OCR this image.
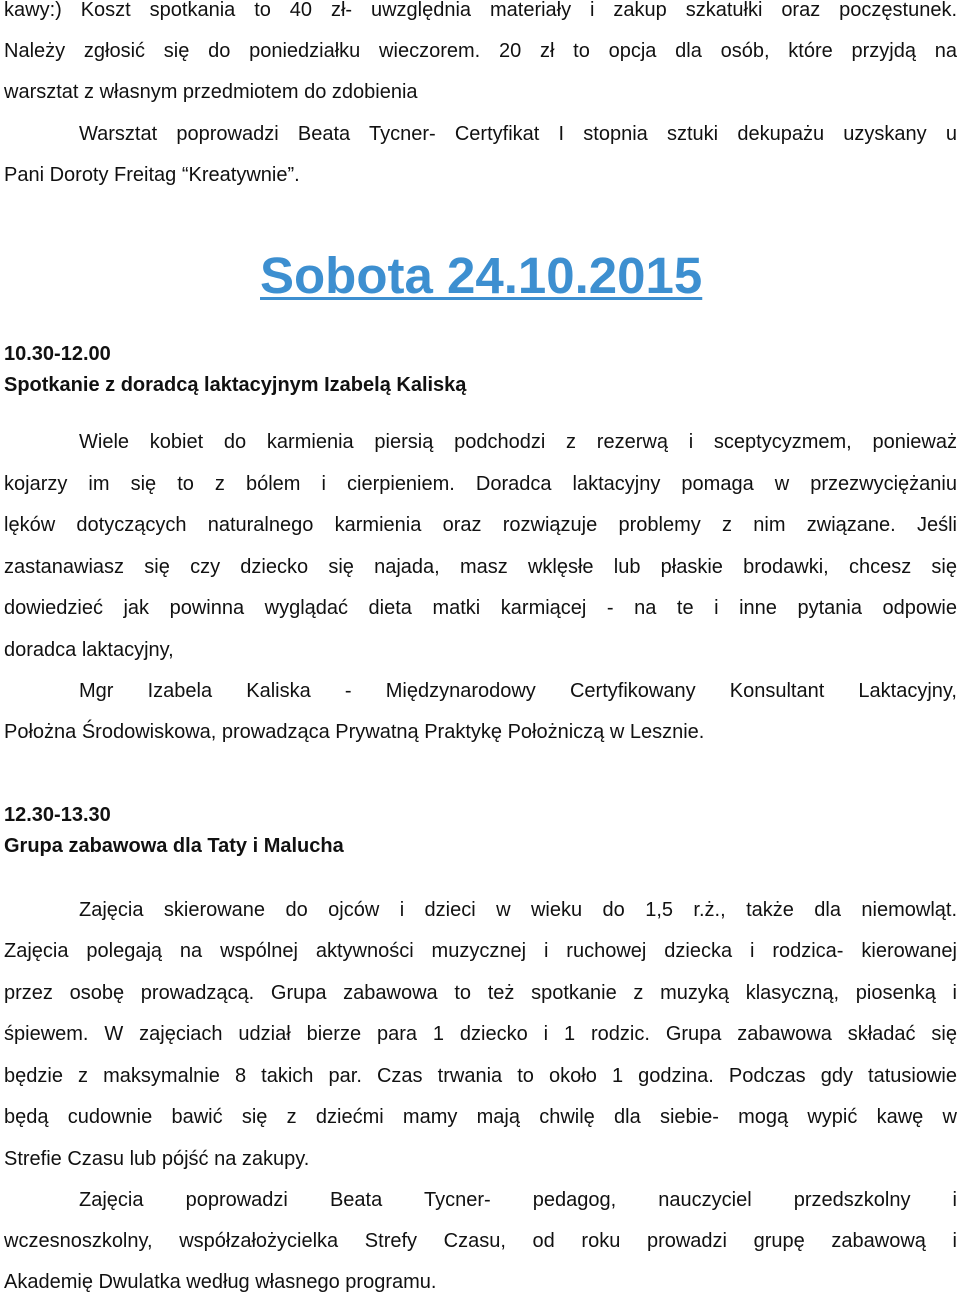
kawy:) Koszt spotkania to 40 zł- uwzględnia materiały i zakup szkatułki oraz poczęstunek.
Należy zgłosić się do poniedziałku wieczorem. 20 zł to opcja dla osób, które przyjdą na
warsztat z własnym przedmiotem do zdobienia
Warsztat poprowadzi Beata Tycner- Certyfikat I stopnia sztuki dekupażu uzyskany u
Pani Doroty Freitag “Kreatywnie”.
Sobota 24.10.2015
10.30-12.00
Spotkanie z doradcą laktacyjnym Izabelą Kaliską
Wiele kobiet do karmienia piersią podchodzi z rezerwą i sceptycyzmem, ponieważ
kojarzy im się to z bólem i cierpieniem. Doradca laktacyjny pomaga w przezwyciężaniu
lęków dotyczących naturalnego karmienia oraz rozwiązuje problemy z nim związane. Jeśli
zastanawiasz się czy dziecko się najada, masz wklęsłe lub płaskie brodawki, chcesz się
dowiedzieć jak powinna wyglądać dieta matki karmiącej - na te i inne pytania odpowie
doradca laktacyjny,
Mgr Izabela Kaliska - Międzynarodowy Certyfikowany Konsultant Laktacyjny,
Położna Środowiskowa, prowadząca Prywatną Praktykę Położniczą w Lesznie.
12.30-13.30
Grupa zabawowa dla Taty i Malucha
Zajęcia skierowane do ojców i dzieci w wieku do 1,5 r.ż., także dla niemowląt.
Zajęcia polegają na wspólnej aktywności muzycznej i ruchowej dziecka i rodzica- kierowanej
przez osobę prowadzącą. Grupa zabawowa to też spotkanie z muzyką klasyczną, piosenką i
śpiewem. W zajęciach udział bierze para 1 dziecko i 1 rodzic. Grupa zabawowa składać się
będzie z maksymalnie 8 takich par. Czas trwania to około 1 godzina. Podczas gdy tatusiowie
będą cudownie bawić się z dziećmi mamy mają chwilę dla siebie- mogą wypić kawę w
Strefie Czasu lub pójść na zakupy.
Zajęcia poprowadzi Beata Tycner- pedagog, nauczyciel przedszkolny i
wczesnoszkolny, współzałożycielka Strefy Czasu, od roku prowadzi grupę zabawową i
Akademię Dwulatka według własnego programu.
